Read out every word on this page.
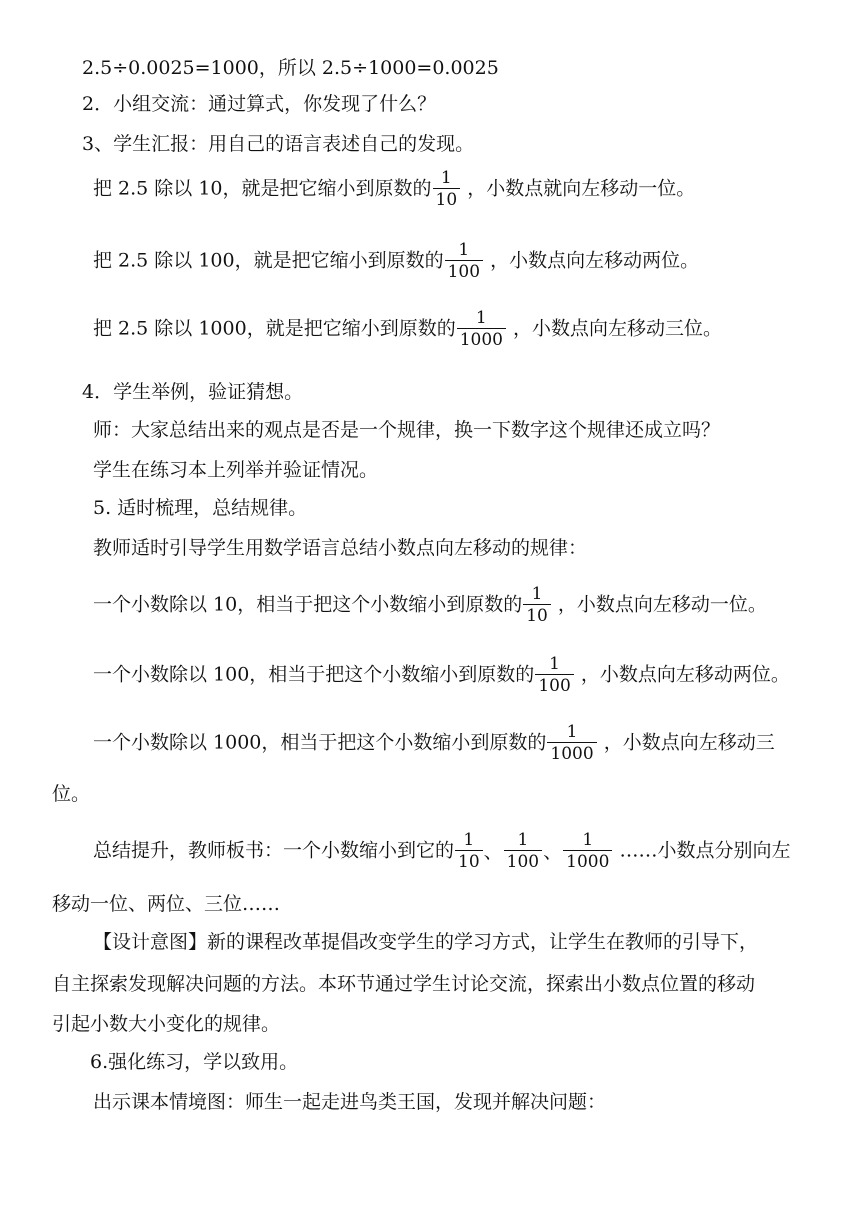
2.5÷0.0025=1000，所以 2.5÷1000=0.0025
2．小组交流：通过算式，你发现了什么？
3、学生汇报：用自己的语言表述自己的发现。
把 2.5 除以 10，就是把它缩小到原数的 $\frac{1}{10}$ ，小数点就向左移动一位。
把 2.5 除以 100，就是把它缩小到原数的 $\frac{1}{100}$ ，小数点向左移动两位。
把 2.5 除以 1000，就是把它缩小到原数的 $\frac{1}{1000}$ ，小数点向左移动三位。
4．学生举例，验证猜想。
师：大家总结出来的观点是否是一个规律，换一下数字这个规律还成立吗？
学生在练习本上列举并验证情况。
5. 适时梳理，总结规律。
教师适时引导学生用数学语言总结小数点向左移动的规律：
一个小数除以 10，相当于把这个小数缩小到原数的 $\frac{1}{10}$ ，小数点向左移动一位。
一个小数除以 100，相当于把这个小数缩小到原数的 $\frac{1}{100}$ ，小数点向左移动两位。
一个小数除以 1000，相当于把这个小数缩小到原数的 $\frac{1}{1000}$ ，小数点向左移动三
位。
总结提升，教师板书：一个小数缩小到它的 $\frac{1}{10}$ 、 $\frac{1}{100}$ 、 $\frac{1}{1000}$ ……小数点分别向左
移动一位、两位、三位……
【设计意图】新的课程改革提倡改变学生的学习方式，让学生在教师的引导下，
自主探索发现解决问题的方法。本环节通过学生讨论交流，探索出小数点位置的移动
引起小数大小变化的规律。
6.强化练习，学以致用。
出示课本情境图：师生一起走进鸟类王国，发现并解决问题：
